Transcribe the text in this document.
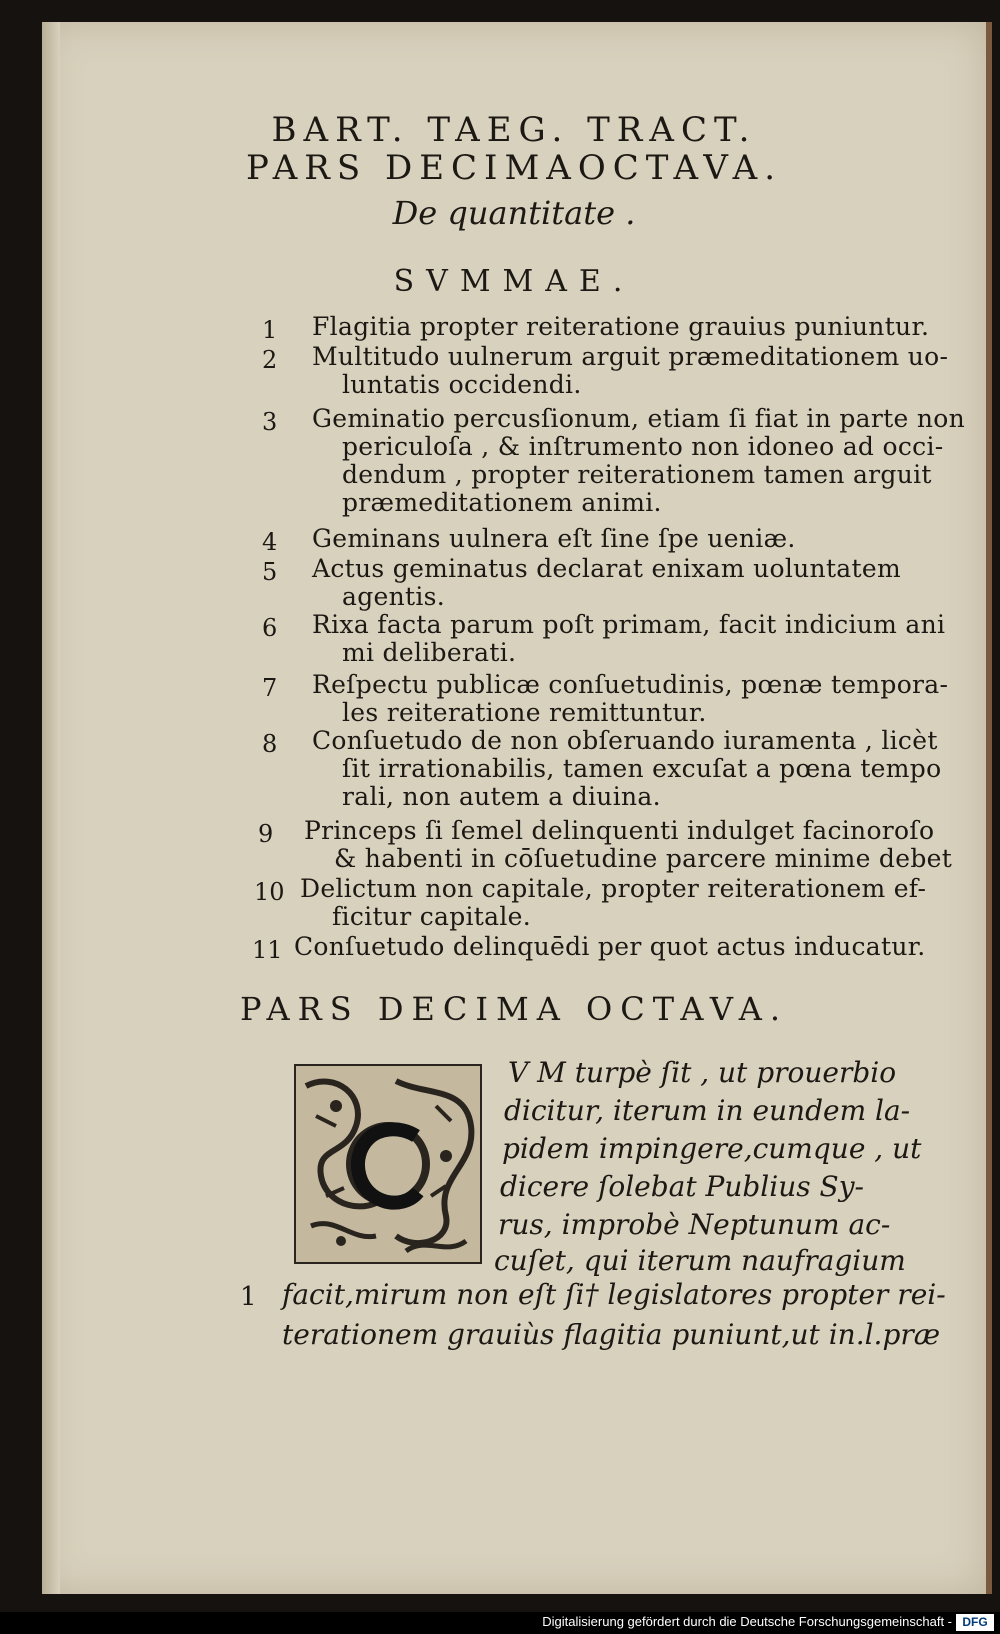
BART. TAEG. TRACT.
PARS DECIMAOCTAVA.
De quantitate .
SVMMAE.
1 Flagitia propter reiteratione grauius puniuntur.
2 Multitudo uulnerum arguit præmeditationem uo-
luntatis occidendi.
3 Geminatio percusſionum, etiam ſi fiat in parte non
periculoſa , & inſtrumento non idoneo ad occi-
dendum , propter reiterationem tamen arguit
præmeditationem animi.
4 Geminans uulnera eſt ſine ſpe ueniæ.
5 Actus geminatus declarat enixam uoluntatem
agentis.
6 Rixa facta parum poſt primam, facit indicium ani
mi deliberati.
7 Reſpectu publicæ conſuetudinis, pœnæ tempora-
les reiteratione remittuntur.
8 Conſuetudo de non obſeruando iuramenta , licèt
ſit irrationabilis, tamen excuſat a pœna tempo
rali, non autem a diuina.
9 Princeps ſi ſemel delinquenti indulget facinoroſo
& habenti in cōſuetudine parcere minime debet
10 Delictum non capitale, propter reiterationem ef-
ficitur capitale.
11 Conſuetudo delinquēdi per quot actus inducatur.
PARS DECIMA OCTAVA.
V M turpè ſit , ut prouerbio
dicitur, iterum in eundem la-
pidem impingere,cumque , ut
dicere ſolebat Publius Sy-
rus, improbè Neptunum ac-
cuſet, qui iterum naufragium
1 facit,mirum non eſt ſi† legislatores propter rei-
terationem grauiùs flagitia puniunt,ut in.l.præ
Digitalisierung gefördert durch die Deutsche Forschungsgemeinschaft - DFG
